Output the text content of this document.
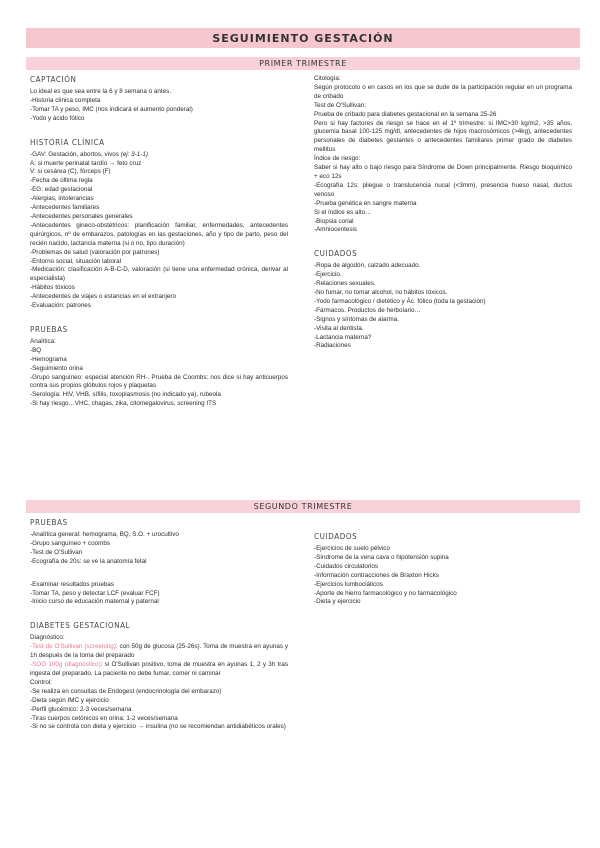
SEGUIMIENTO GESTACIÓN
PRIMER TRIMESTRE
CAPTACIÓN

Lo ideal es que sea entre la 6 y 8 semana o antes.

-Historia clínica completa

-Tomar TA y peso, IMC (nos indicará el aumento ponderal)

-Yodo y ácido fólico

HISTORIA CLÍNICA

-GAV: Gestación, abortos, vivos (ej: 3-1-1)

A: si muerte perinatal tardío → feto cruz

V: si cesárea (C), fórceps (F)

-Fecha de última regla

-EG: edad gestacional

-Alergias, intolerancias

-Antecedentes familiares

-Antecedentes personales generales

-Antecedentes gineco-obstétricos: planificación familiar, enfermedades, antecedentes quirúrgicos, nº de embarazos, patologías en las gestaciones, año y tipo de parto, peso del recién nacido, lactancia materna (si o no, tipo duración)

-Problemas de salud (valoración por patrones)

-Entorno social, situación laboral

-Medicación: clasificación A-B-C-D, valoración (si tiene una enfermedad crónica, derivar al especialista)

-Hábitos tóxicos

-Antecedentes de viajes o estancias en el extranjero

-Evaluación: patrones

PRUEBAS

Analítica:

-BQ

-Hemograma

-Seguimiento orina

-Grupo sanguíneo: especial atención RH-. Prueba de Coombs: nos dice si hay anticuerpos contra sus propios glóbulos rojos y plaquetas

-Serología: HIV, VHB, sífilis, toxoplasmosis (no indicado ya), rubeola

-Si hay riesgo…VHC, chagas, zika, citomegalovirus, screening ITS

Citología:

Según protocolo o en casos en los que se dude de la participación regular en un programa de cribado

Test de O'Sullivan:

Prueba de cribado para diabetes gestacional en la semana 25-26

Pero si hay factores de riesgo se hace en el 1º trimestre: si IMC>30 kg/m2, >35 años, glucemia basal 100-125 mg/dl, antecedentes de hijos macrosómicos (>4kg), antecedentes personales de diabetes gestantes o antecedentes familiares primer grado de diabetes mellitus

Índice de riesgo:

Saber si hay alto o bajo riesgo para Síndrome de Down principalmente. Riesgo bioquímico + eco 12s

-Ecografía 12s: pliegue o translucencia nucal (<3mm), presencia hueso nasal, ductus venoso

-Prueba genética en sangre materna

Si el índice es alto…

-Biopsia corial

-Amniocentesis

CUIDADOS

-Ropa de algodón, calzado adecuado.

-Ejercicio.

-Relaciones sexuales.

-No fumar, no tomar alcohol, no hábitos tóxicos.

-Yodo farmacológico / dietético y Ác. fólico (toda la gestación)

-Fármacos. Productos de herbolario…

-Signos y síntomas de alarma.

-Visita al dentista.

-Lactancia materna?

-Radiaciones

SEGUNDO TRIMESTRE
PRUEBAS

-Analítica general: hemograma, BQ, S.O. + urocultivo

-Grupo sanguíneo + coombs

-Test de O'Sullivan

-Ecografía de 20s: se ve la anatomía fetal

-Examinar resultados pruebas

-Tomar TA, peso y detectar LCF (evaluar FCF)

-Inicio curso de educación maternal y paternal

DIABETES GESTACIONAL

Diagnóstico:

-Test de O'Sullivan (screening): con 50g de glucosa (25-26s). Toma de muestra en ayunas y 1h después de la toma del preparado

-SOG 100g (diagnóstico): si O'Sullivan positivo, toma de muestra en ayunas 1, 2 y 3h tras ingesta del preparado. La paciente no debe fumar, comer ni caminar

Control:

-Se realiza en consultas de Endogest (endocrinología del embarazo)

-Dieta según IMC y ejercicio

-Perfil glucémico: 2-3 veces/semana

-Tiras cuerpos cetónicos en orina: 1-2 veces/semana

-Si no se controla con dieta y ejercicio → insulina (no se recomiendan antidiabéticos orales)

CUIDADOS

-Ejercicios de suelo pélvico

-Síndrome de la vena cava o hipotensión supina

-Cuidados circulatorios

-Información contracciones de Braxton Hicks

-Ejercicios lumbociáticos

-Aporte de hierro farmacológico y no farmacológico

-Dieta y ejercicio
